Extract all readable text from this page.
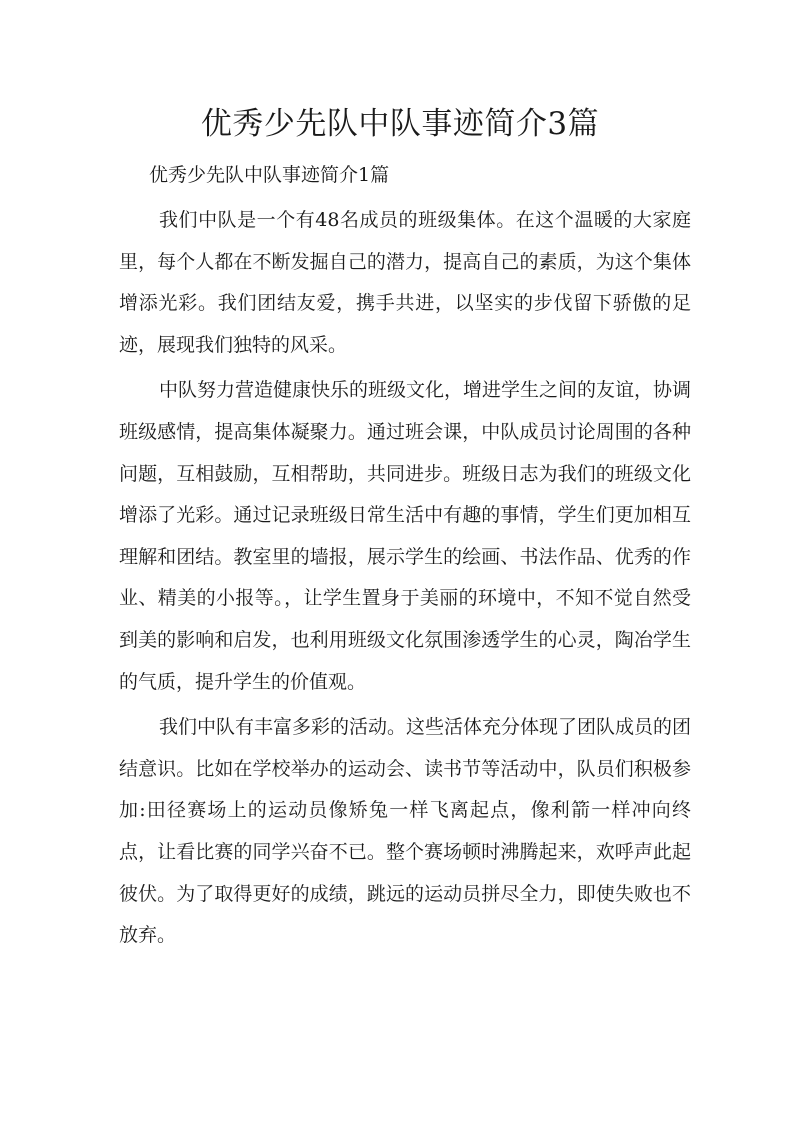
优秀少先队中队事迹简介3篇

优秀少先队中队事迹简介1篇

我们中队是一个有48名成员的班级集体。在这个温暖的大家庭里，每个人都在不断发掘自己的潜力，提高自己的素质，为这个集体增添光彩。我们团结友爱，携手共进，以坚实的步伐留下骄傲的足迹，展现我们独特的风采。

中队努力营造健康快乐的班级文化，增进学生之间的友谊，协调班级感情，提高集体凝聚力。通过班会课，中队成员讨论周围的各种问题，互相鼓励，互相帮助，共同进步。班级日志为我们的班级文化增添了光彩。通过记录班级日常生活中有趣的事情，学生们更加相互理解和团结。教室里的墙报，展示学生的绘画、书法作品、优秀的作业、精美的小报等。，让学生置身于美丽的环境中，不知不觉自然受到美的影响和启发，也利用班级文化氛围渗透学生的心灵，陶冶学生的气质，提升学生的价值观。

我们中队有丰富多彩的活动。这些活体充分体现了团队成员的团结意识。比如在学校举办的运动会、读书节等活动中，队员们积极参加:田径赛场上的运动员像矫兔一样飞离起点，像利箭一样冲向终点，让看比赛的同学兴奋不已。整个赛场顿时沸腾起来，欢呼声此起彼伏。为了取得更好的成绩，跳远的运动员拼尽全力，即使失败也不放弃。
